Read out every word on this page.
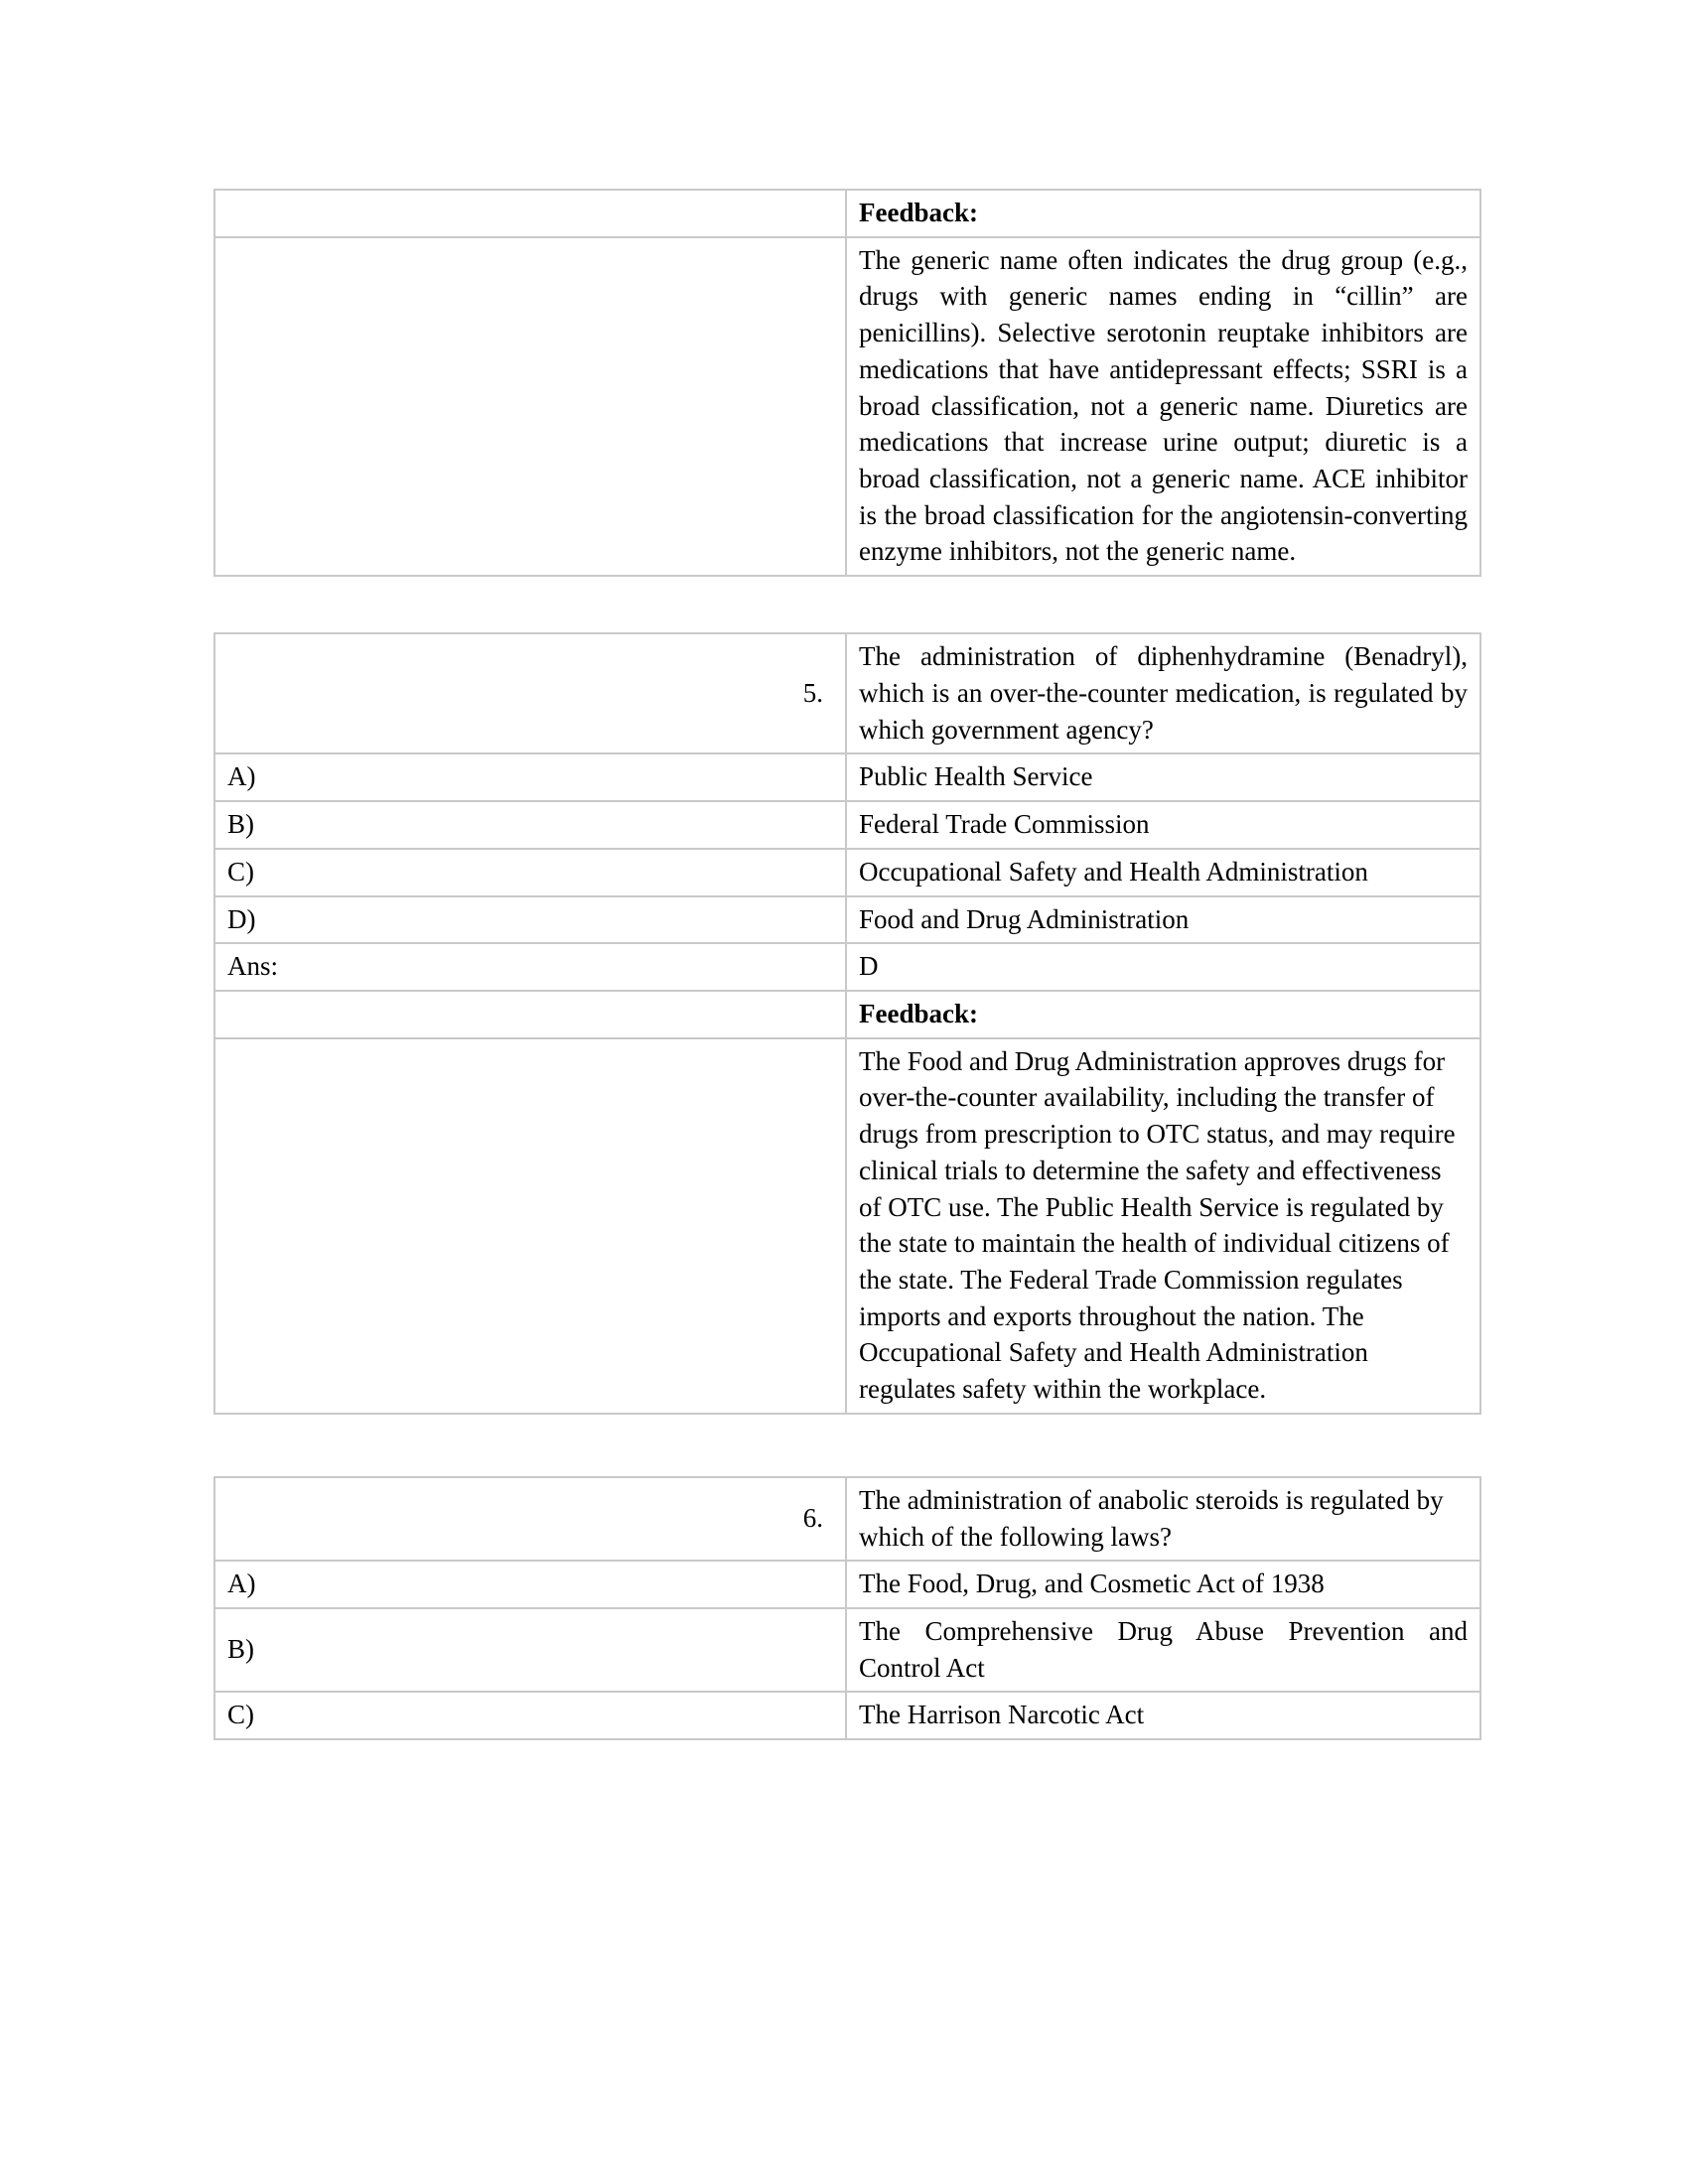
	Feedback:
	The generic name often indicates the drug group (e.g., drugs with generic names ending in “cillin” are penicillins). Selective serotonin reuptake inhibitors are medications that have antidepressant effects; SSRI is a broad classification, not a generic name. Diuretics are medications that increase urine output; diuretic is a broad classification, not a generic name. ACE inhibitor is the broad classification for the angiotensin-converting enzyme inhibitors, not the generic name.
5.	The administration of diphenhydramine (Benadryl), which is an over-the-counter medication, is regulated by which government agency?
A)	Public Health Service
B)	Federal Trade Commission
C)	Occupational Safety and Health Administration
D)	Food and Drug Administration
Ans:	D
	Feedback:
	The Food and Drug Administration approves drugs for over-the-counter availability, including the transfer of drugs from prescription to OTC status, and may require clinical trials to determine the safety and effectiveness of OTC use. The Public Health Service is regulated by the state to maintain the health of individual citizens of the state. The Federal Trade Commission regulates imports and exports throughout the nation. The Occupational Safety and Health Administration regulates safety within the workplace.
6.	The administration of anabolic steroids is regulated by which of the following laws?
A)	The Food, Drug, and Cosmetic Act of 1938
B)	The Comprehensive Drug Abuse Prevention and Control Act
C)	The Harrison Narcotic Act
